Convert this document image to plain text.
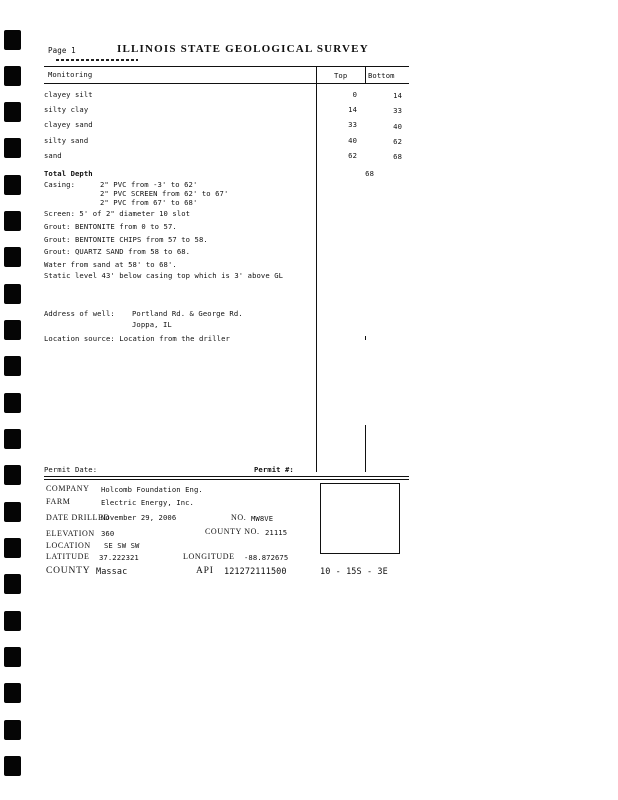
Page 1	ILLINOIS STATE GEOLOGICAL SURVEY
Monitoring	Top	Bottom
clayey silt	0	14
silty clay	14	33
clayey sand	33	40
silty sand	40	62
sand	62	68
Total Depth	68
Casing:	2" PVC from -3' to 62'
2" PVC SCREEN from 62' to 67'
2" PVC from 67' to 68'
Screen: 5' of 2" diameter 10 slot
Grout: BENTONITE from 0 to 57.
Grout: BENTONITE CHIPS from 57 to 58.
Grout: QUARTZ SAND from 58 to 68.
Water from sand at 58' to 68'.
Static level 43' below casing top which is 3' above GL
Address of well: Portland Rd. & George Rd.
Joppa, IL
Location source: Location from the driller
Permit Date:	Permit #:
COMPANY Holcomb Foundation Eng.
FARM	Electric Energy, Inc.
DATE DRILLED
November 29, 2006	NO. MW8VE
ELEVATION 360	COUNTY NO. 21115
LOCATION SE SW SW
LATITUDE 37.222321	LONGITUDE -88.872675
COUNTY Massac	API 121272111500	10 - 15S - 3E
